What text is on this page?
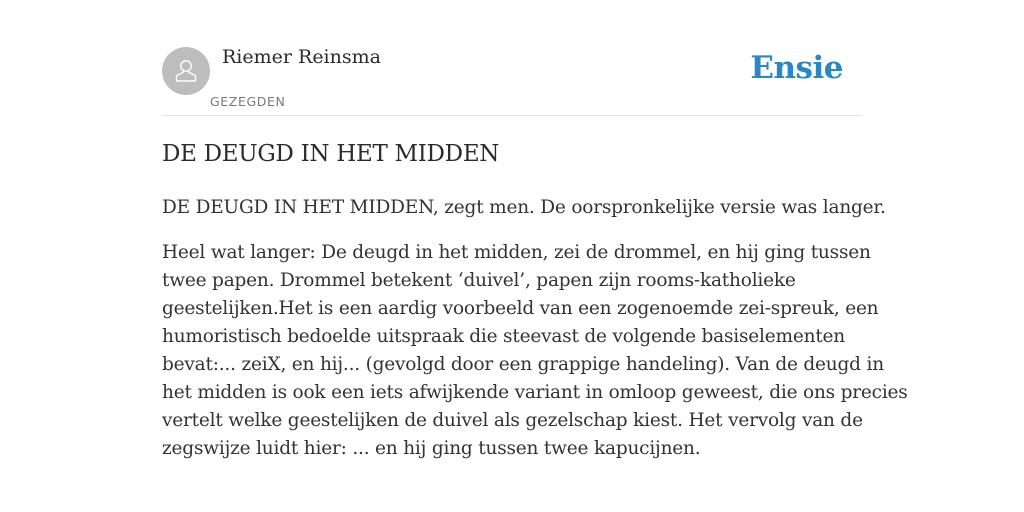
Riemer Reinsma
GEZEGDEN
Ensie
DE DEUGD IN HET MIDDEN

DE DEUGD IN HET MIDDEN, zegt men. De oorspronkelijke versie was langer.

Heel wat langer: De deugd in het midden, zei de drommel, en hij ging tussen
twee papen. Drommel betekent ‘duivel’, papen zijn rooms-katholieke
geestelijken.Het is een aardig voorbeeld van een zogenoemde zei-spreuk, een
humoristisch bedoelde uitspraak die steevast de volgende basiselementen
bevat:... zeiX, en hij... (gevolgd door een grappige handeling). Van de deugd in
het midden is ook een iets afwijkende variant in omloop geweest, die ons precies
vertelt welke geestelijken de duivel als gezelschap kiest. Het vervolg van de
zegswijze luidt hier: ... en hij ging tussen twee kapucijnen.
